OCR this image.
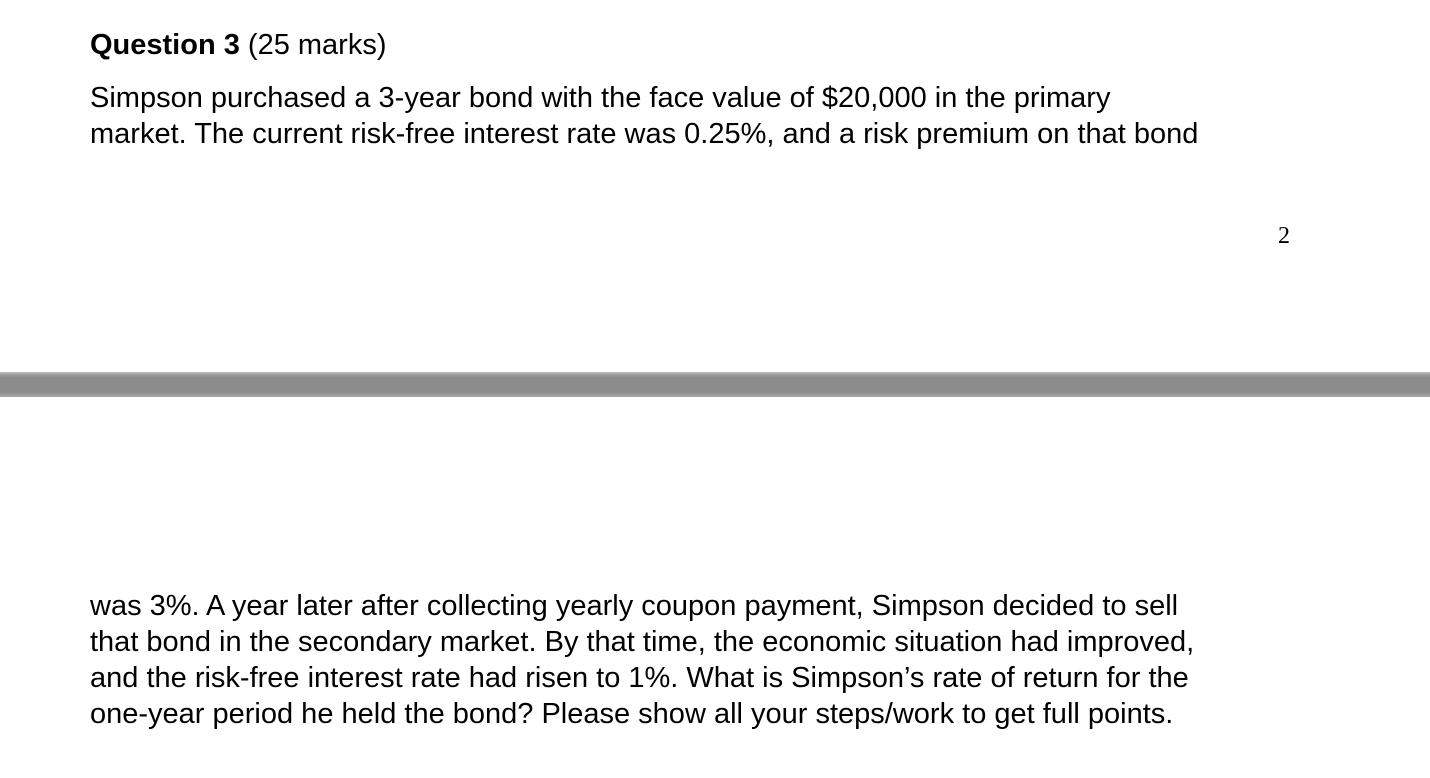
Question 3 (25 marks)
Simpson purchased a 3-year bond with the face value of $20,000 in the primary
market. The current risk-free interest rate was 0.25%, and a risk premium on that bond
2
was 3%. A year later after collecting yearly coupon payment, Simpson decided to sell
that bond in the secondary market. By that time, the economic situation had improved,
and the risk-free interest rate had risen to 1%. What is Simpson’s rate of return for the
one-year period he held the bond? Please show all your steps/work to get full points.
